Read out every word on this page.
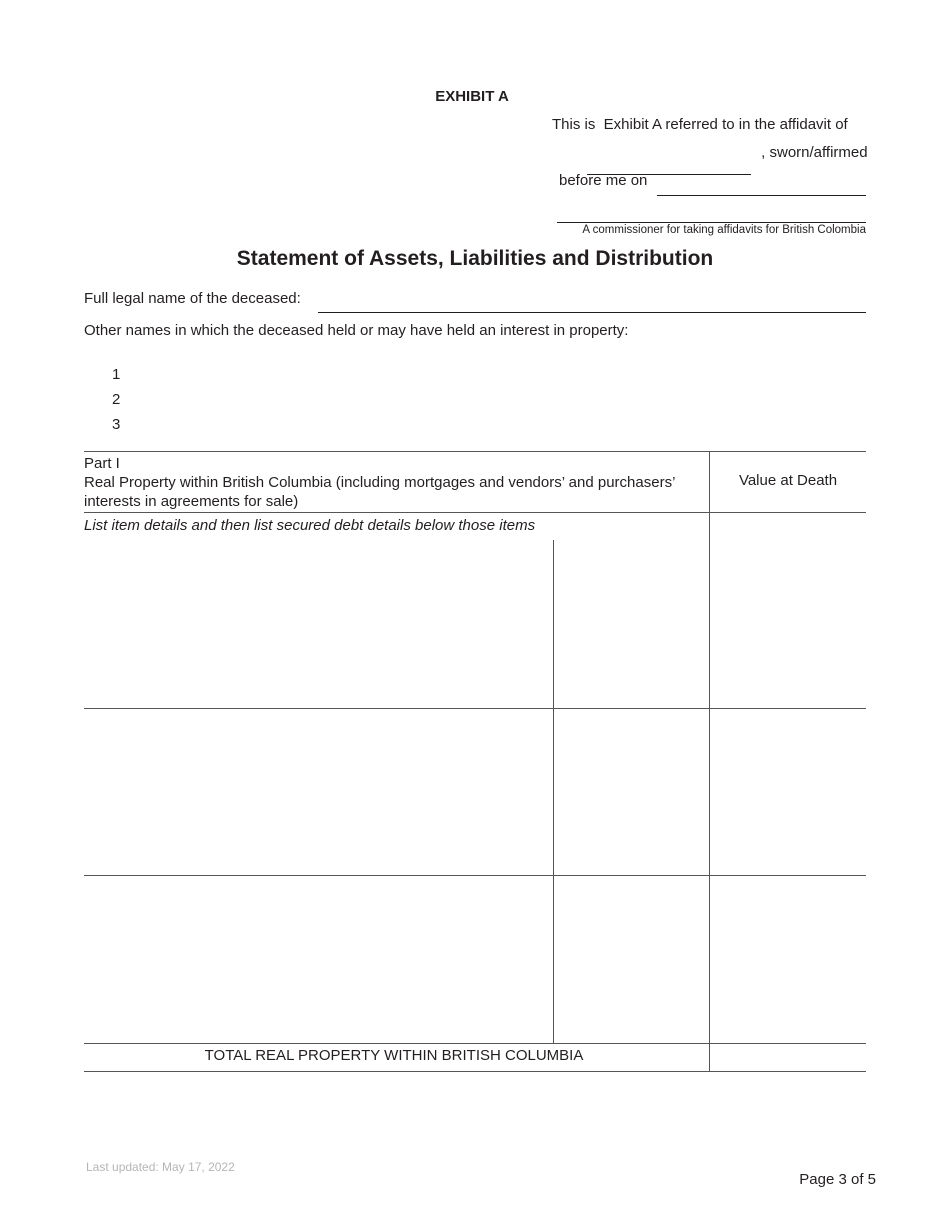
EXHIBIT A
This is  Exhibit A referred to in the affidavit of
, sworn/affirmed
before me on
A commissioner for taking affidavits for British Colombia
Statement of Assets, Liabilities and Distribution
Full legal name of the deceased:
Other names in which the deceased held or may have held an interest in property:
1
2
3
Part I
Real Property within British Columbia (including mortgages and vendors’ and purchasers’ interests in agreements for sale)
Value at Death
List item details and then list secured debt details below those items
TOTAL REAL PROPERTY WITHIN BRITISH COLUMBIA
Last updated: May 17, 2022
Page 3 of 5
